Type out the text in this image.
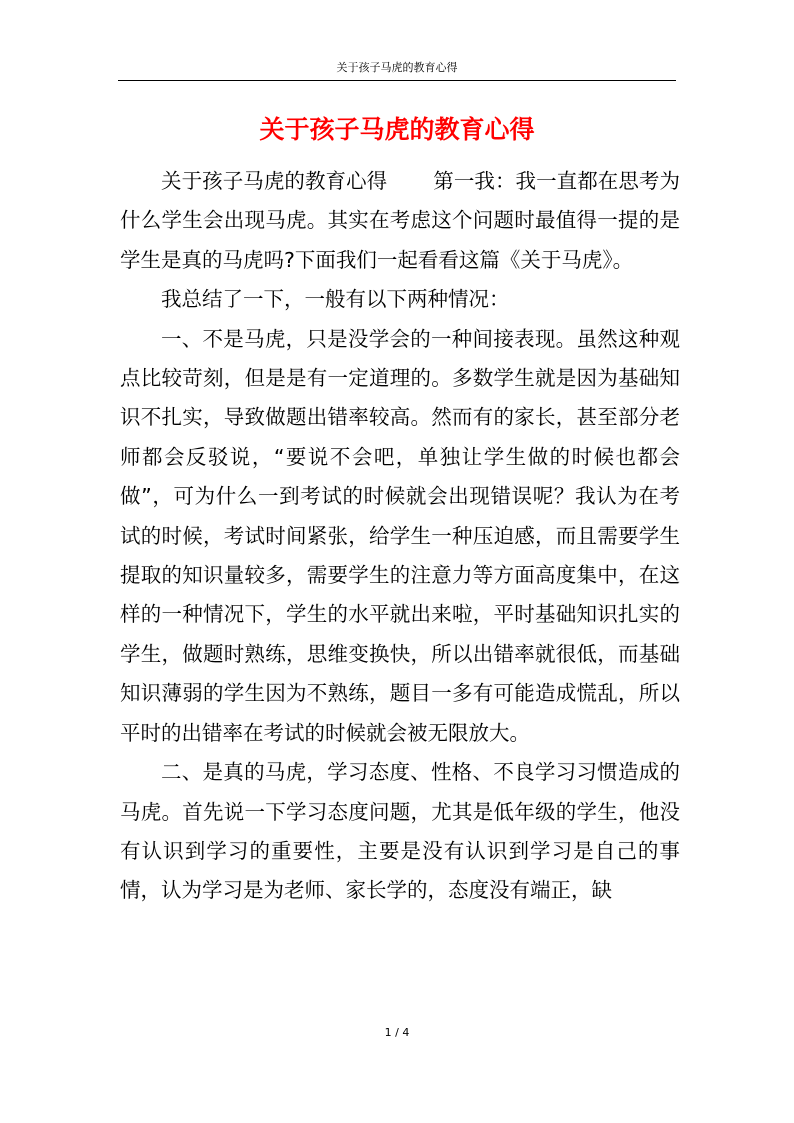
关于孩子马虎的教育心得
关于孩子马虎的教育心得

关于孩子马虎的教育心得 第一我：我一直都在思考为什么学生会出现马虎。其实在考虑这个问题时最值得一提的是学生是真的马虎吗?下面我们一起看看这篇《关于马虎》。

我总结了一下，一般有以下两种情况：

一、不是马虎，只是没学会的一种间接表现。虽然这种观点比较苛刻，但是是有一定道理的。多数学生就是因为基础知识不扎实，导致做题出错率较高。然而有的家长，甚至部分老师都会反驳说，“要说不会吧，单独让学生做的时候也都会做”，可为什么一到考试的时候就会出现错误呢？我认为在考试的时候，考试时间紧张，给学生一种压迫感，而且需要学生提取的知识量较多，需要学生的注意力等方面高度集中，在这样的一种情况下，学生的水平就出来啦，平时基础知识扎实的学生，做题时熟练，思维变换快，所以出错率就很低，而基础知识薄弱的学生因为不熟练，题目一多有可能造成慌乱，所以平时的出错率在考试的时候就会被无限放大。

二、是真的马虎，学习态度、性格、不良学习习惯造成的马虎。首先说一下学习态度问题，尤其是低年级的学生，他没有认识到学习的重要性，主要是没有认识到学习是自己的事情，认为学习是为老师、家长学的，态度没有端正，缺

1 / 4
